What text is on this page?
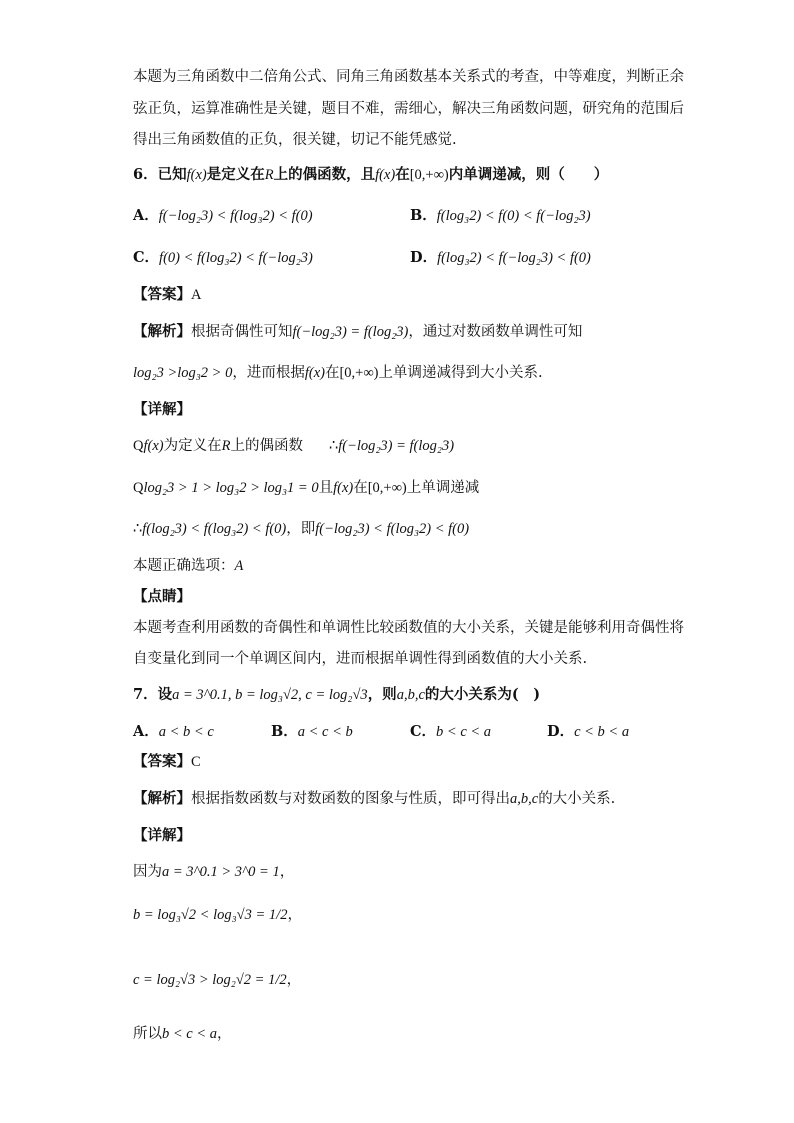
本题为三角函数中二倍角公式、同角三角函数基本关系式的考查，中等难度，判断正余
弦正负，运算准确性是关键，题目不难，需细心，解决三角函数问题，研究角的范围后
得出三角函数值的正负，很关键，切记不能凭感觉.
6．已知f(x)是定义在R上的偶函数，且f(x)在[0,+∞)内单调递减，则（　　）
A．f(−log₂3) < f(log₃2) < f(0)	B．f(log₃2) < f(0) < f(−log₂3)
C．f(0) < f(log₃2) < f(−log₂3)	D．f(log₃2) < f(−log₂3) < f(0)
【答案】A
【解析】根据奇偶性可知f(−log₂3) = f(log₂3)，通过对数函数单调性可知
log₂3 >log₃2 > 0，进而根据f(x)在[0,+∞)上单调递减得到大小关系.
【详解】
Qf(x)为定义在R上的偶函数 ∴f(−log₂3) = f(log₂3)
Qlog₂3 > 1 > log₃2 > log₃1 = 0且f(x)在[0,+∞)上单调递减
∴f(log₂3) < f(log₃2) < f(0)，即f(−log₂3) < f(log₃2) < f(0)
本题正确选项：A
【点睛】
本题考查利用函数的奇偶性和单调性比较函数值的大小关系，关键是能够利用奇偶性将
自变量化到同一个单调区间内，进而根据单调性得到函数值的大小关系.
7．设a = 3^0.1, b = log₃√2, c = log₂√3，则a,b,c的大小关系为(　)
A．a < b < c	B．a < c < b	C．b < c < a	D．c < b < a
【答案】C
【解析】根据指数函数与对数函数的图象与性质，即可得出a,b,c的大小关系.
【详解】
因为a = 3^0.1 > 3^0 = 1，
b = log₃√2 < log₃√3 = 1/2，
c = log₂√3 > log₂√2 = 1/2，
所以b < c < a，
